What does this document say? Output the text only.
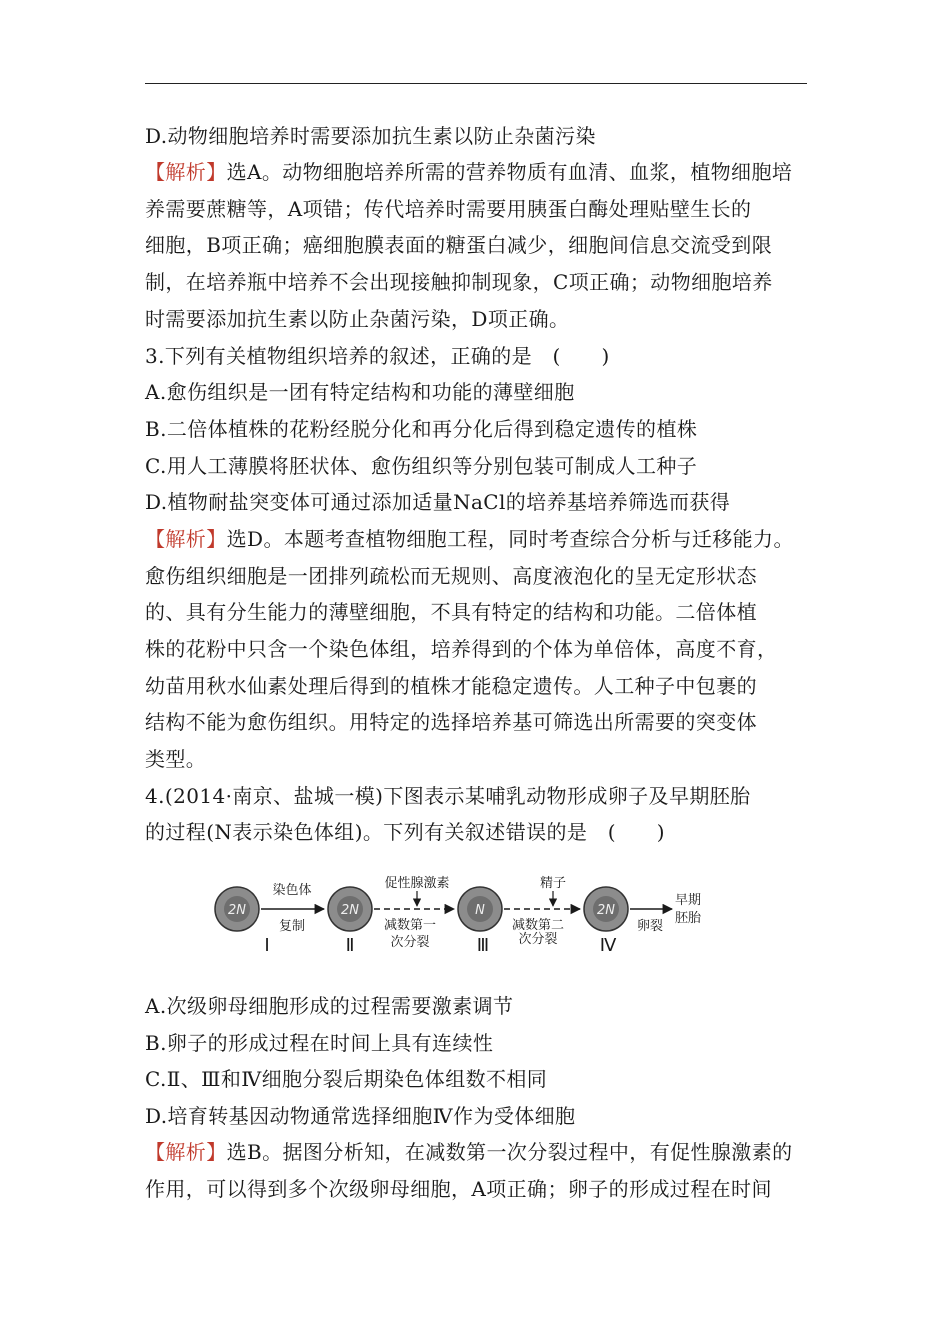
D.动物细胞培养时需要添加抗生素以防止杂菌污染
【解析】选A。动物细胞培养所需的营养物质有血清、血浆，植物细胞培
养需要蔗糖等，A项错；传代培养时需要用胰蛋白酶处理贴壁生长的
细胞，B项正确；癌细胞膜表面的糖蛋白减少，细胞间信息交流受到限
制，在培养瓶中培养不会出现接触抑制现象，C项正确；动物细胞培养
时需要添加抗生素以防止杂菌污染，D项正确。
3.下列有关植物组织培养的叙述，正确的是　(　　)
A.愈伤组织是一团有特定结构和功能的薄壁细胞
B.二倍体植株的花粉经脱分化和再分化后得到稳定遗传的植株
C.用人工薄膜将胚状体、愈伤组织等分别包装可制成人工种子
D.植物耐盐突变体可通过添加适量NaCl的培养基培养筛选而获得
【解析】选D。本题考查植物细胞工程，同时考查综合分析与迁移能力。
愈伤组织细胞是一团排列疏松而无规则、高度液泡化的呈无定形状态
的、具有分生能力的薄壁细胞，不具有特定的结构和功能。二倍体植
株的花粉中只含一个染色体组，培养得到的个体为单倍体，高度不育，
幼苗用秋水仙素处理后得到的植株才能稳定遗传。人工种子中包裹的
结构不能为愈伤组织。用特定的选择培养基可筛选出所需要的突变体
类型。
4.(2014·南京、盐城一模)下图表示某哺乳动物形成卵子及早期胚胎
的过程(N表示染色体组)。下列有关叙述错误的是　(　　)
2N
Ⅰ
染色体
复制
2N
Ⅱ
促性腺激素
减数第一
次分裂
N
Ⅲ
精子
减数第二
次分裂
2N
Ⅳ
卵裂
早期
胚胎
A.次级卵母细胞形成的过程需要激素调节
B.卵子的形成过程在时间上具有连续性
C.Ⅱ、Ⅲ和Ⅳ细胞分裂后期染色体组数不相同
D.培育转基因动物通常选择细胞Ⅳ作为受体细胞
【解析】选B。据图分析知，在减数第一次分裂过程中，有促性腺激素的
作用，可以得到多个次级卵母细胞，A项正确；卵子的形成过程在时间
